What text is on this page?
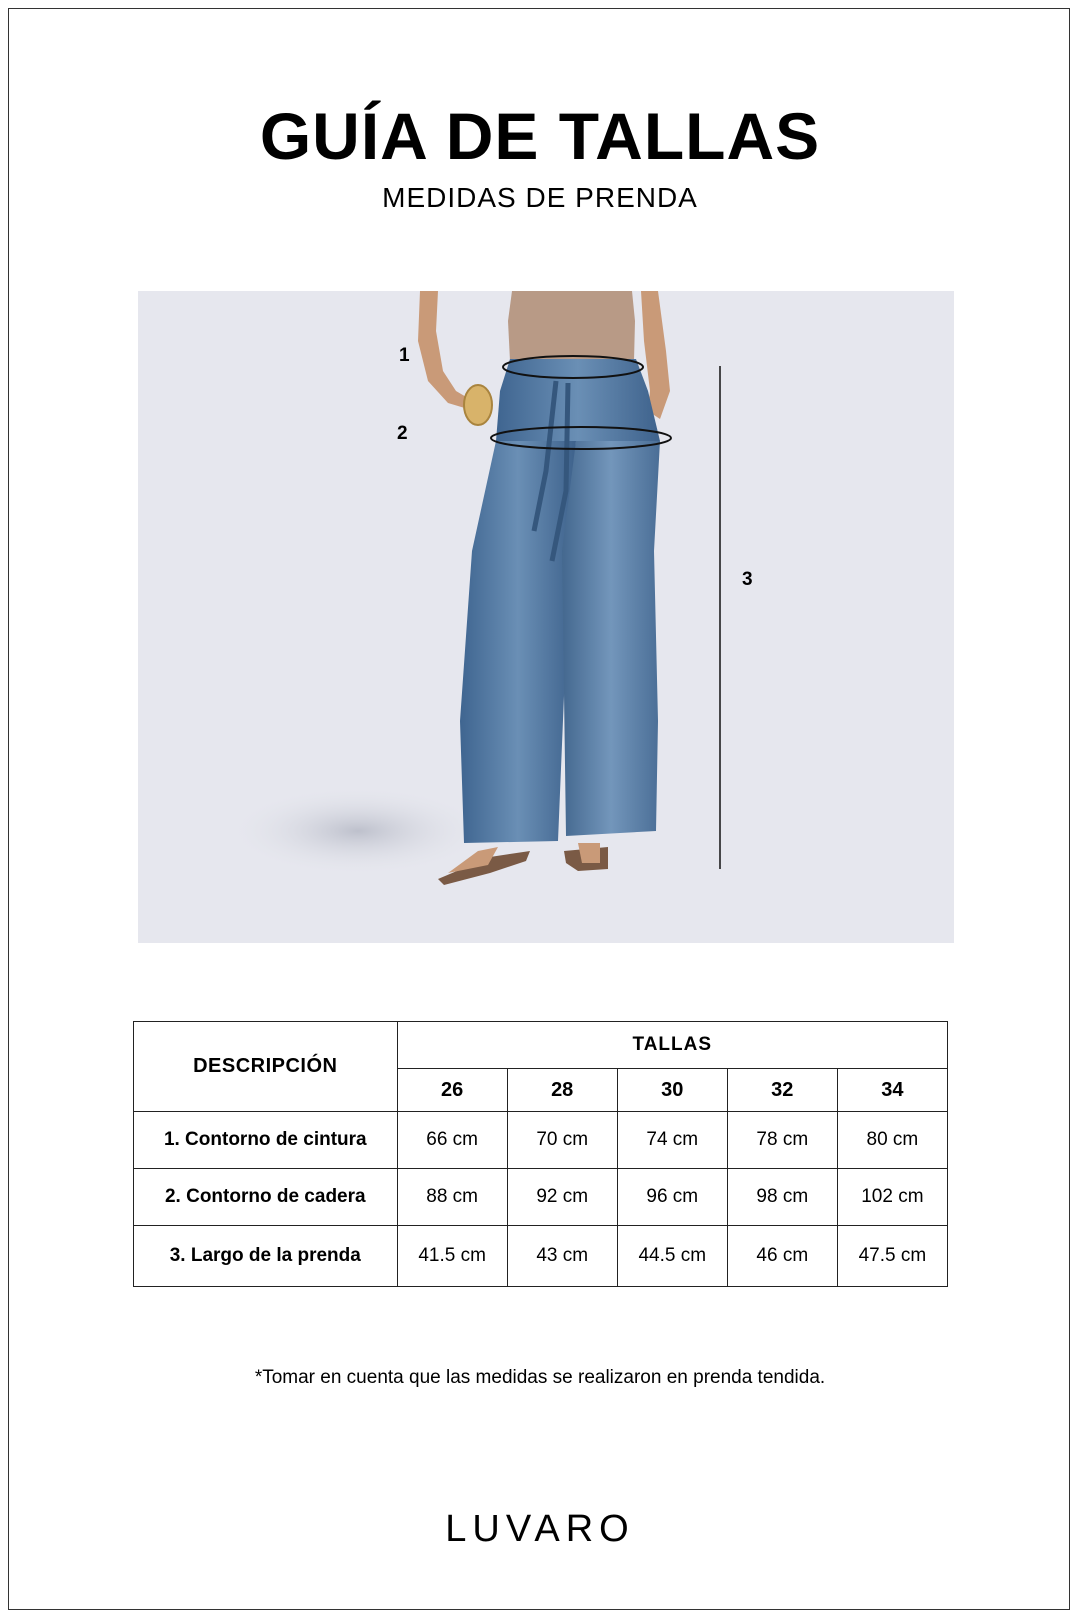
GUÍA DE TALLAS
MEDIDAS DE PRENDA
1
2
3
DESCRIPCIÓN	TALLAS				
	26	28	30	32	34
1. Contorno de cintura	66 cm	70 cm	74 cm	78 cm	80 cm
2. Contorno de cadera	88 cm	92 cm	96 cm	98 cm	102 cm
3. Largo de la prenda	41.5 cm	43 cm	44.5 cm	46 cm	47.5 cm
*Tomar en cuenta que las medidas se realizaron en prenda tendida.
LUVARO
